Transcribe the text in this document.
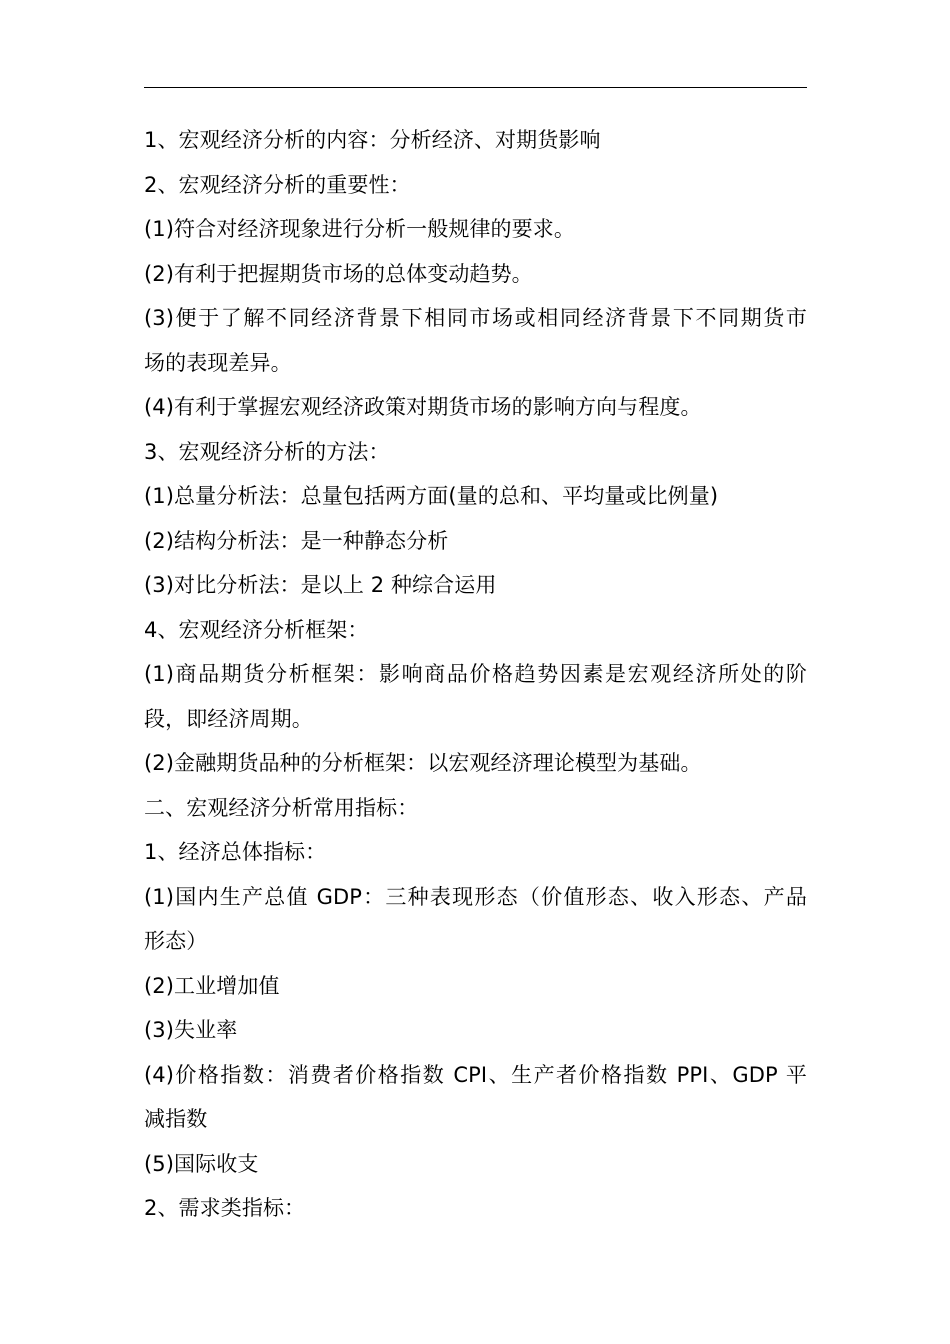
1、宏观经济分析的内容：分析经济、对期货影响
2、宏观经济分析的重要性：
(1)符合对经济现象进行分析一般规律的要求。
(2)有利于把握期货市场的总体变动趋势。
(3)便于了解不同经济背景下相同市场或相同经济背景下不同期货市
场的表现差异。
(4)有利于掌握宏观经济政策对期货市场的影响方向与程度。
3、宏观经济分析的方法：
(1)总量分析法：总量包括两方面(量的总和、平均量或比例量)
(2)结构分析法：是一种静态分析
(3)对比分析法：是以上 2 种综合运用
4、宏观经济分析框架：
(1)商品期货分析框架：影响商品价格趋势因素是宏观经济所处的阶
段，即经济周期。
(2)金融期货品种的分析框架：以宏观经济理论模型为基础。
二、宏观经济分析常用指标：
1、经济总体指标：
(1)国内生产总值 GDP：三种表现形态（价值形态、收入形态、产品
形态）
(2)工业增加值
(3)失业率
(4)价格指数：消费者价格指数 CPI、生产者价格指数 PPI、GDP 平
减指数
(5)国际收支
2、需求类指标：
